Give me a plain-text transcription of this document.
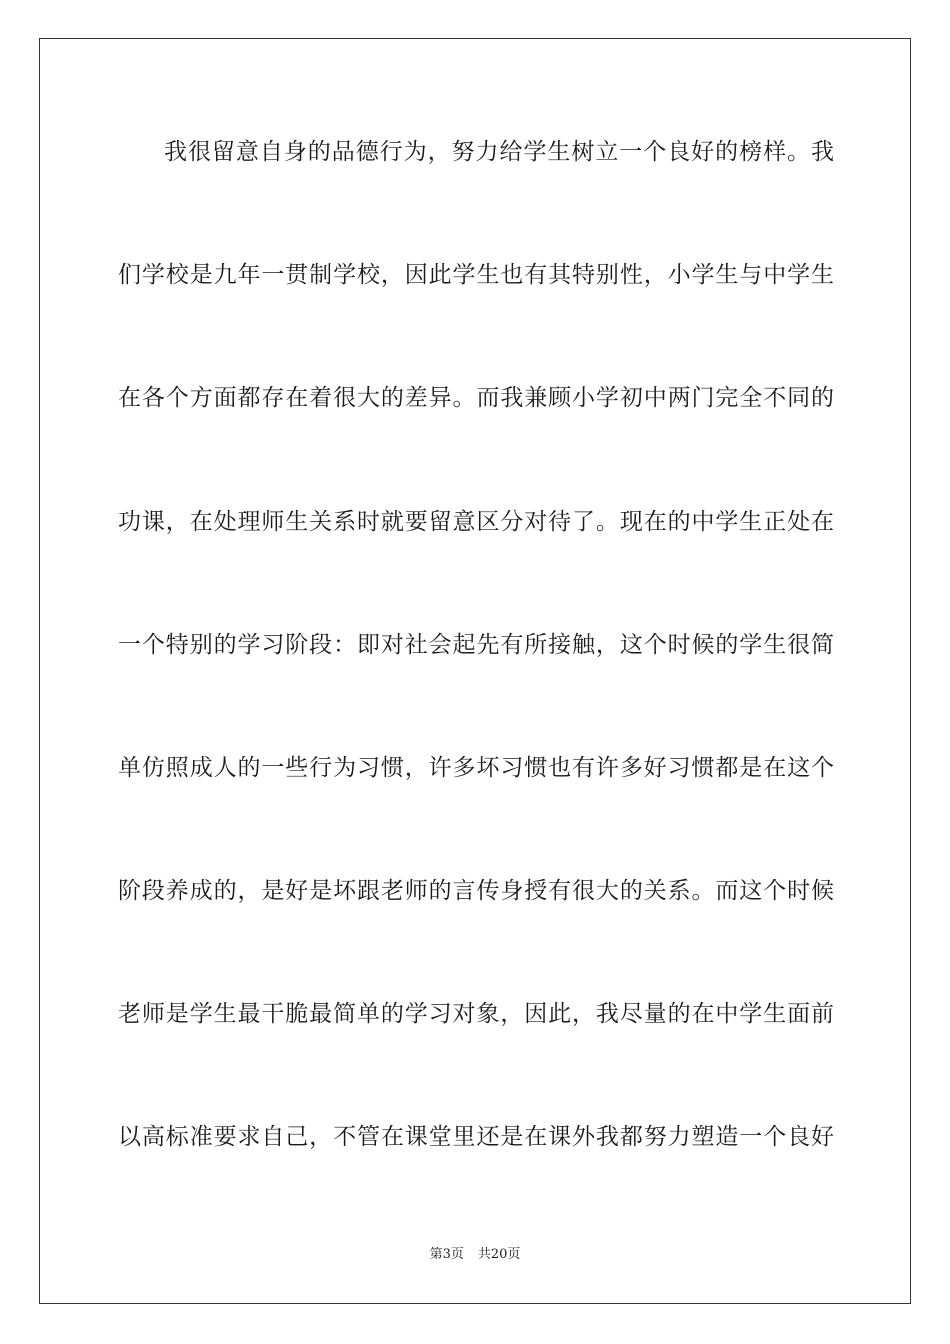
我很留意自身的品德行为，努力给学生树立一个良好的榜样。我
们学校是九年一贯制学校，因此学生也有其特别性，小学生与中学生
在各个方面都存在着很大的差异。而我兼顾小学初中两门完全不同的
功课，在处理师生关系时就要留意区分对待了。现在的中学生正处在
一个特别的学习阶段：即对社会起先有所接触，这个时候的学生很简
单仿照成人的一些行为习惯，许多坏习惯也有许多好习惯都是在这个
阶段养成的，是好是坏跟老师的言传身授有很大的关系。而这个时候
老师是学生最干脆最简单的学习对象，因此，我尽量的在中学生面前
以高标准要求自己，不管在课堂里还是在课外我都努力塑造一个良好
第3页 共20页
